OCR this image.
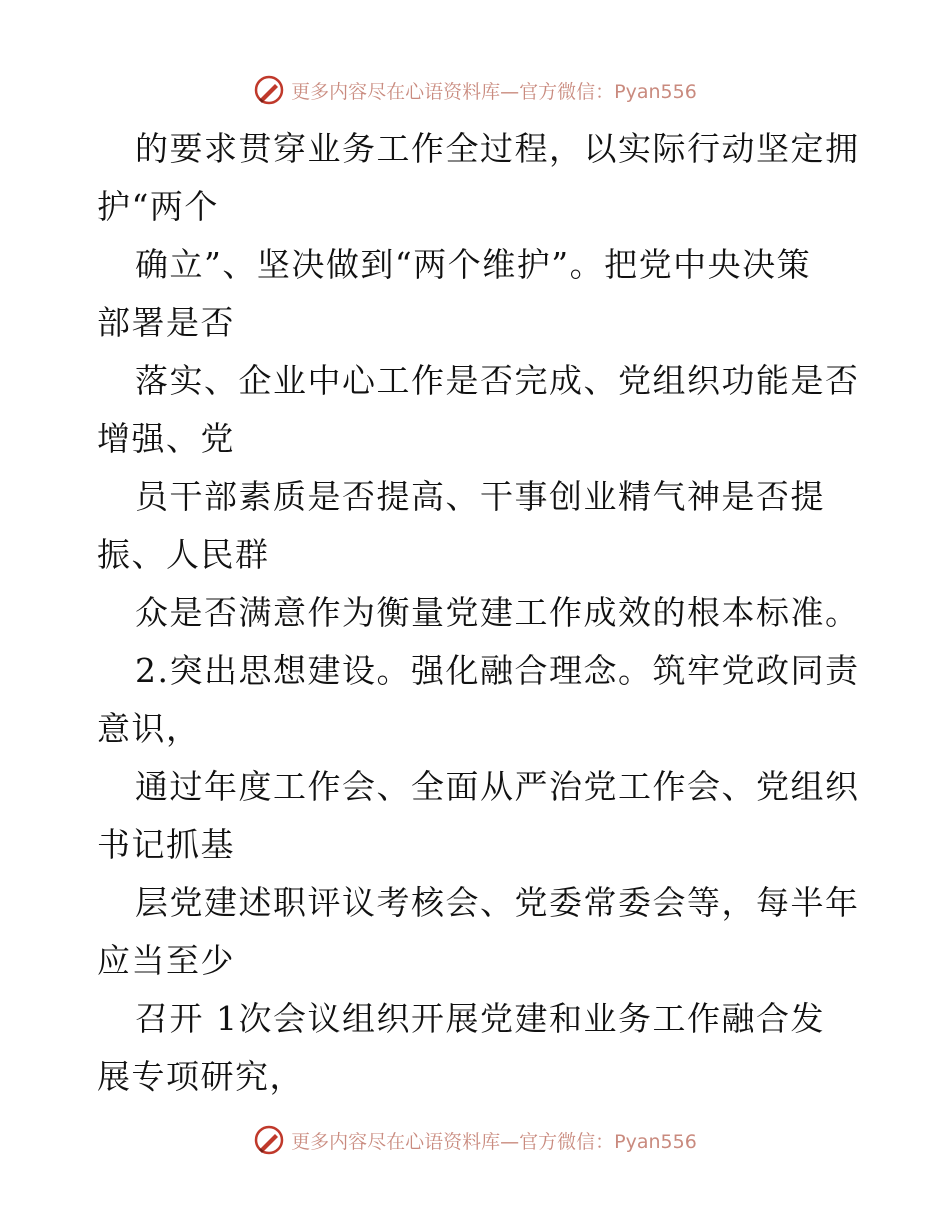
更多内容尽在心语资料库—官方微信：Pyan556
的要求贯穿业务工作全过程，以实际行动坚定拥
护“两个
确立”、坚决做到“两个维护”。把党中央决策
部署是否
落实、企业中心工作是否完成、党组织功能是否
增强、党
员干部素质是否提高、干事创业精气神是否提
振、人民群
众是否满意作为衡量党建工作成效的根本标准。
2.突出思想建设。强化融合理念。筑牢党政同责
意识，
通过年度工作会、全面从严治党工作会、党组织
书记抓基
层党建述职评议考核会、党委常委会等，每半年
应当至少
召开 1次会议组织开展党建和业务工作融合发
展专项研究，
更多内容尽在心语资料库—官方微信：Pyan556
